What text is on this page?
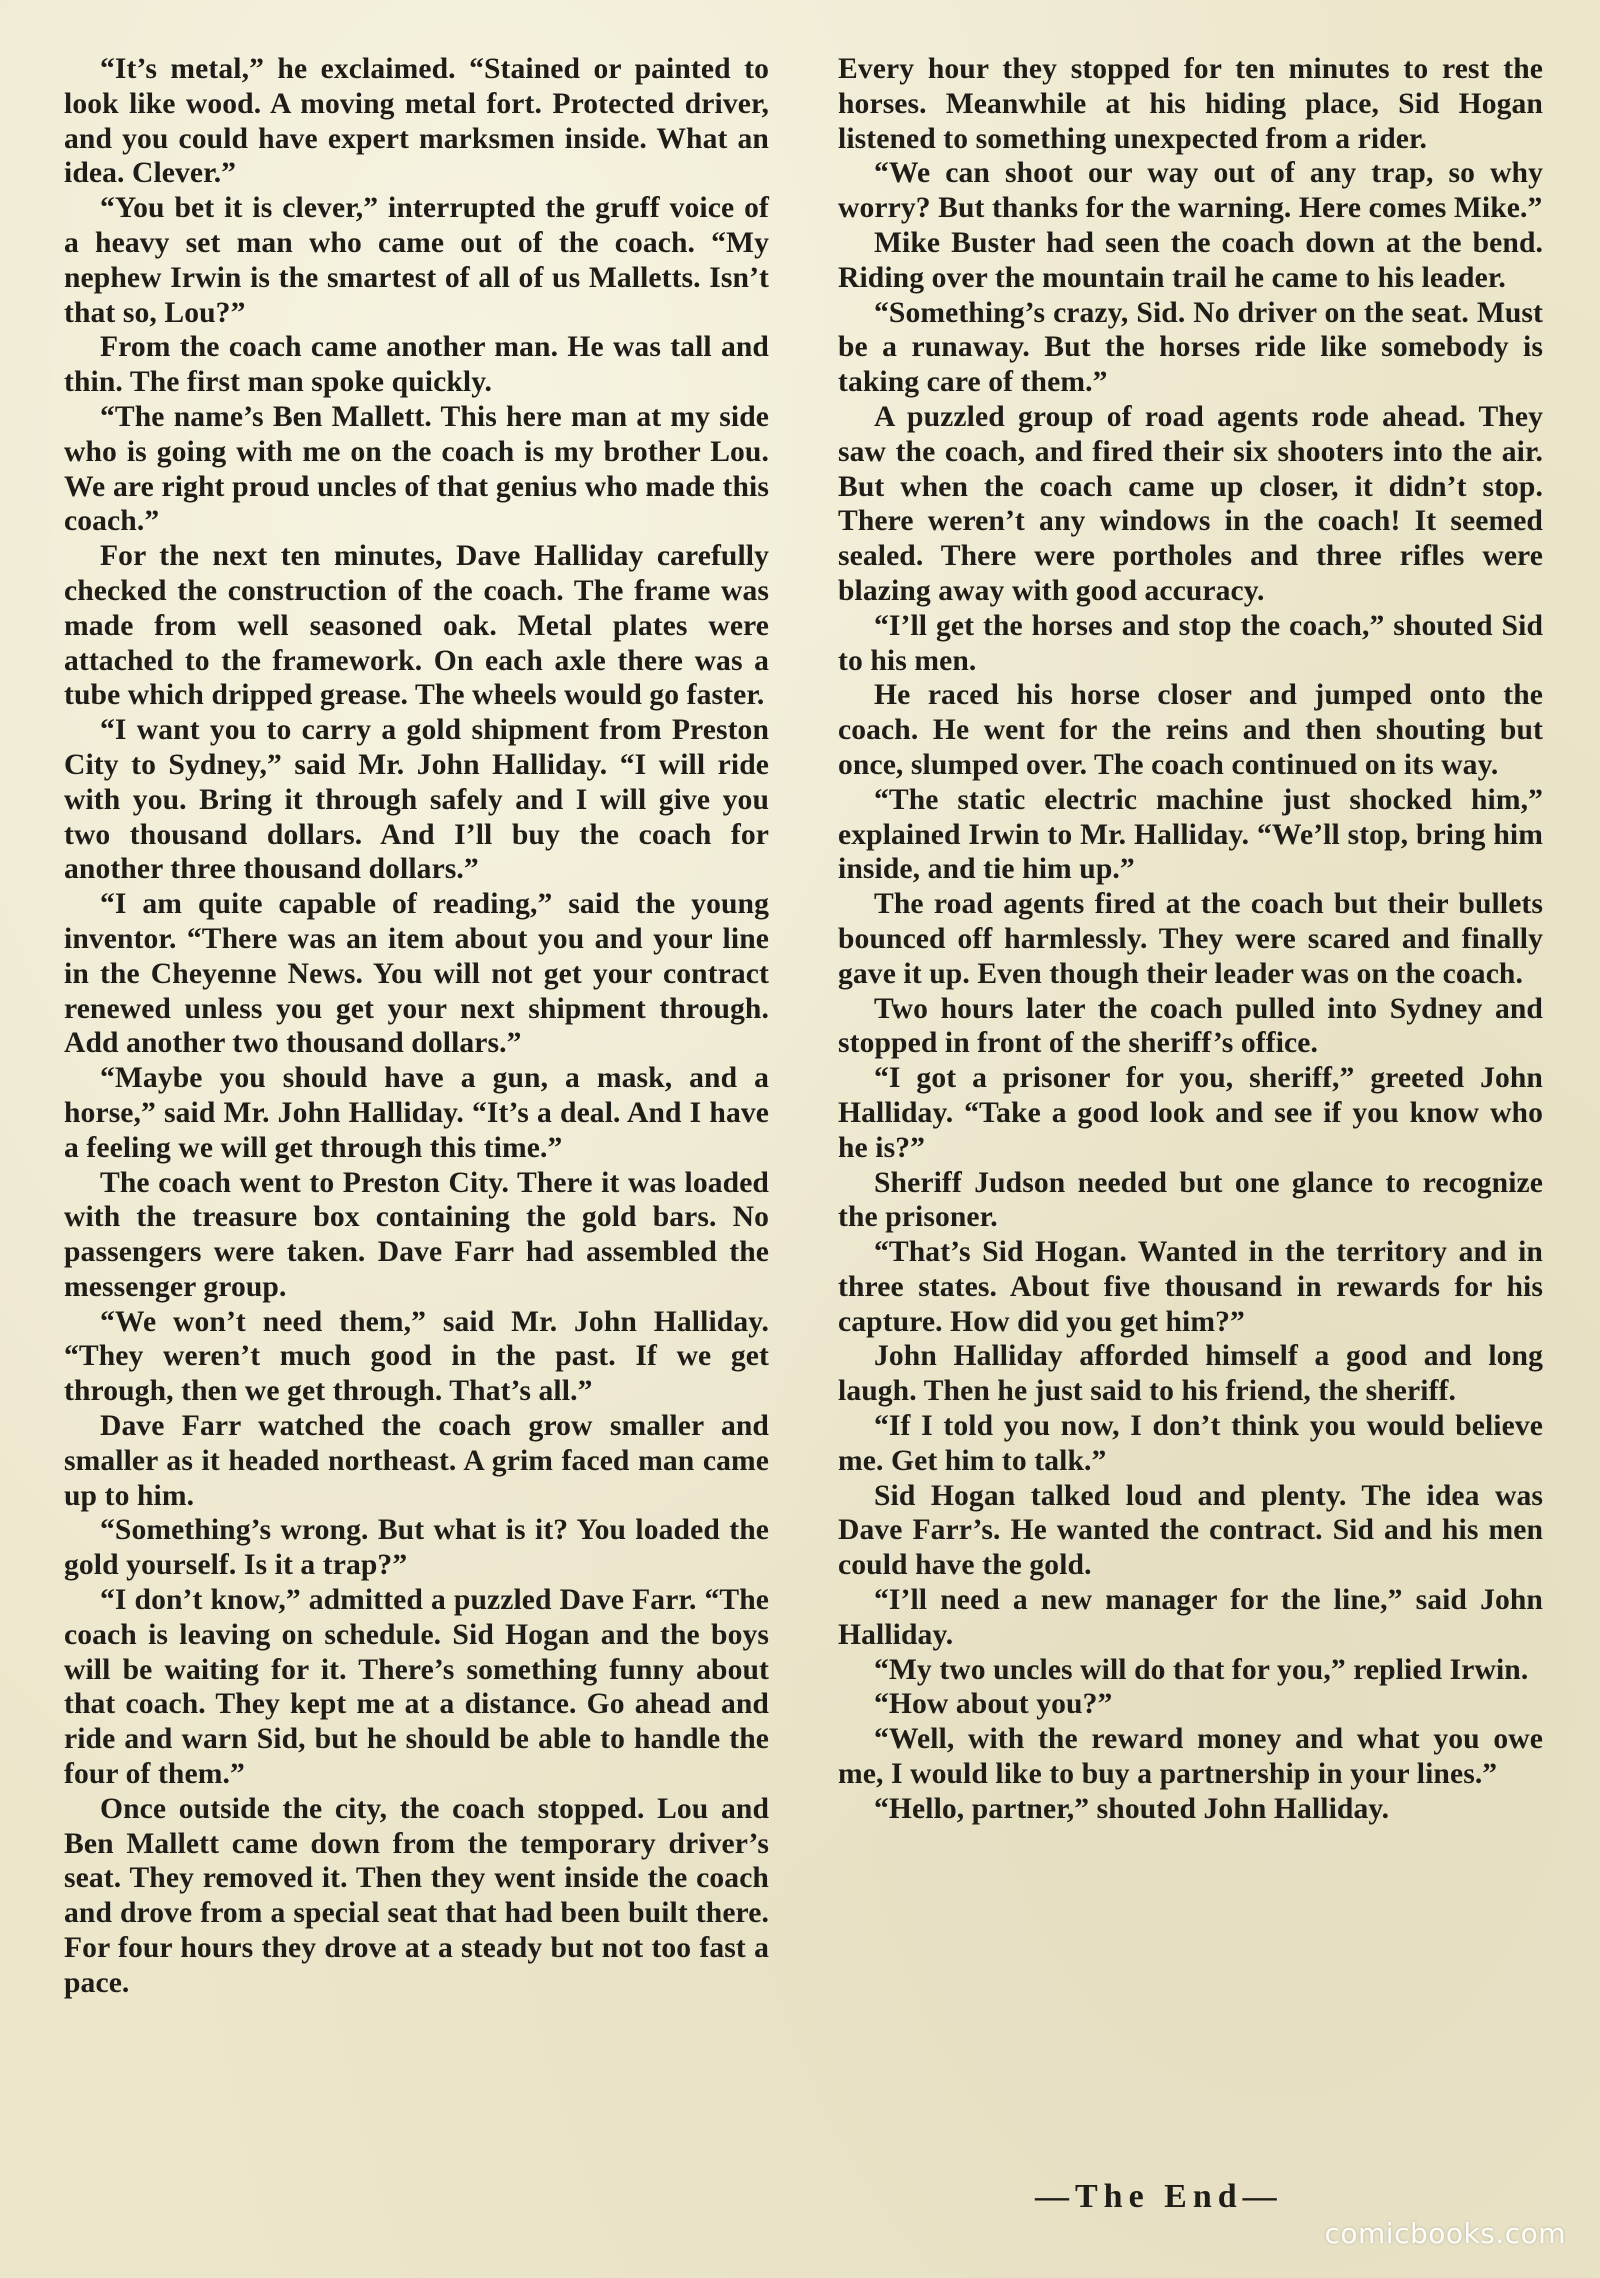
“It’s metal,” he exclaimed. “Stained or painted to look like wood. A moving metal fort. Protected driver, and you could have expert marksmen inside. What an idea. Clever.”

“You bet it is clever,” interrupted the gruff voice of a heavy set man who came out of the coach. “My nephew Irwin is the smartest of all of us Malletts. Isn’t that so, Lou?”

From the coach came another man. He was tall and thin. The first man spoke quickly.

“The name’s Ben Mallett. This here man at my side who is going with me on the coach is my brother Lou. We are right proud uncles of that genius who made this coach.”

For the next ten minutes, Dave Halliday carefully checked the construction of the coach. The frame was made from well seasoned oak. Metal plates were attached to the framework. On each axle there was a tube which dripped grease. The wheels would go faster.

“I want you to carry a gold shipment from Preston City to Sydney,” said Mr. John Halliday. “I will ride with you. Bring it through safely and I will give you two thousand dollars. And I’ll buy the coach for another three thousand dollars.”

“I am quite capable of reading,” said the young inventor. “There was an item about you and your line in the Cheyenne News. You will not get your contract renewed unless you get your next shipment through. Add another two thousand dollars.”

“Maybe you should have a gun, a mask, and a horse,” said Mr. John Halliday. “It’s a deal. And I have a feeling we will get through this time.”

The coach went to Preston City. There it was loaded with the treasure box containing the gold bars. No passengers were taken. Dave Farr had assembled the messenger group.

“We won’t need them,” said Mr. John Halliday. “They weren’t much good in the past. If we get through, then we get through. That’s all.”

Dave Farr watched the coach grow smaller and smaller as it headed northeast. A grim faced man came up to him.

“Something’s wrong. But what is it? You loaded the gold yourself. Is it a trap?”

“I don’t know,” admitted a puzzled Dave Farr. “The coach is leaving on schedule. Sid Hogan and the boys will be waiting for it. There’s something funny about that coach. They kept me at a distance. Go ahead and ride and warn Sid, but he should be able to handle the four of them.”

Once outside the city, the coach stopped. Lou and Ben Mallett came down from the temporary driver’s seat. They removed it. Then they went inside the coach and drove from a special seat that had been built there. For four hours they drove at a steady but not too fast a pace.

Every hour they stopped for ten minutes to rest the horses. Meanwhile at his hiding place, Sid Hogan listened to something unexpected from a rider.

“We can shoot our way out of any trap, so why worry? But thanks for the warning. Here comes Mike.”

Mike Buster had seen the coach down at the bend. Riding over the mountain trail he came to his leader.

“Something’s crazy, Sid. No driver on the seat. Must be a runaway. But the horses ride like somebody is taking care of them.”

A puzzled group of road agents rode ahead. They saw the coach, and fired their six shooters into the air. But when the coach came up closer, it didn’t stop. There weren’t any windows in the coach! It seemed sealed. There were portholes and three rifles were blazing away with good accuracy.

“I’ll get the horses and stop the coach,” shouted Sid to his men.

He raced his horse closer and jumped onto the coach. He went for the reins and then shouting but once, slumped over. The coach continued on its way.

“The static electric machine just shocked him,” explained Irwin to Mr. Halliday. “We’ll stop, bring him inside, and tie him up.”

The road agents fired at the coach but their bullets bounced off harmlessly. They were scared and finally gave it up. Even though their leader was on the coach.

Two hours later the coach pulled into Sydney and stopped in front of the sheriff’s office.

“I got a prisoner for you, sheriff,” greeted John Halliday. “Take a good look and see if you know who he is?”

Sheriff Judson needed but one glance to recognize the prisoner.

“That’s Sid Hogan. Wanted in the territory and in three states. About five thousand in rewards for his capture. How did you get him?”

John Halliday afforded himself a good and long laugh. Then he just said to his friend, the sheriff.

“If I told you now, I don’t think you would believe me. Get him to talk.”

Sid Hogan talked loud and plenty. The idea was Dave Farr’s. He wanted the contract. Sid and his men could have the gold.

“I’ll need a new manager for the line,” said John Halliday.

“My two uncles will do that for you,” replied Irwin.

“How about you?”

“Well, with the reward money and what you owe me, I would like to buy a partnership in your lines.”

“Hello, partner,” shouted John Halliday.

—The End—
comicbooks.com
